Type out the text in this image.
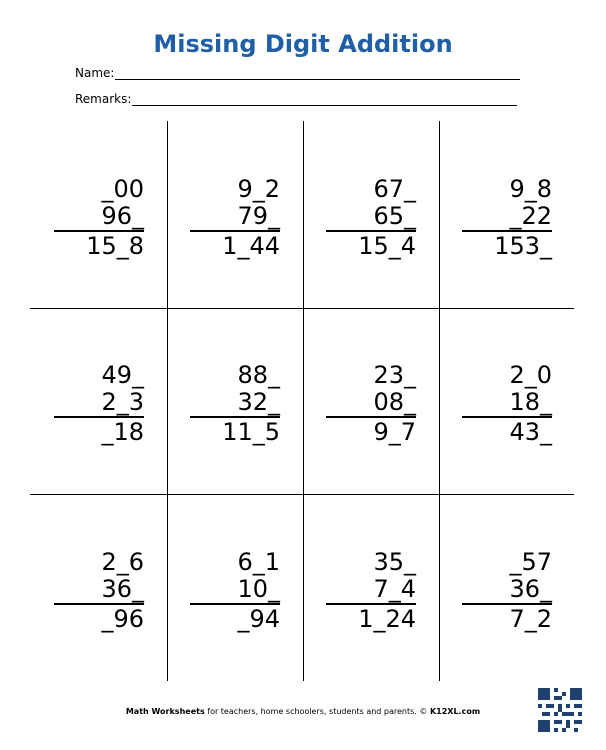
Missing Digit Addition
Name:
Remarks:
_00
96_
15_8
9_2
79_
1_44
67_
65_
15_4
9_8
_22
153_
49_
2_3
_18
88_
32_
11_5
23_
08_
9_7
2_0
18_
43_
2_6
36_
_96
6_1
10_
_94
35_
7_4
1_24
_57
36_
7_2
Math Worksheets for teachers, home schoolers, students and parents. © K12XL.com
